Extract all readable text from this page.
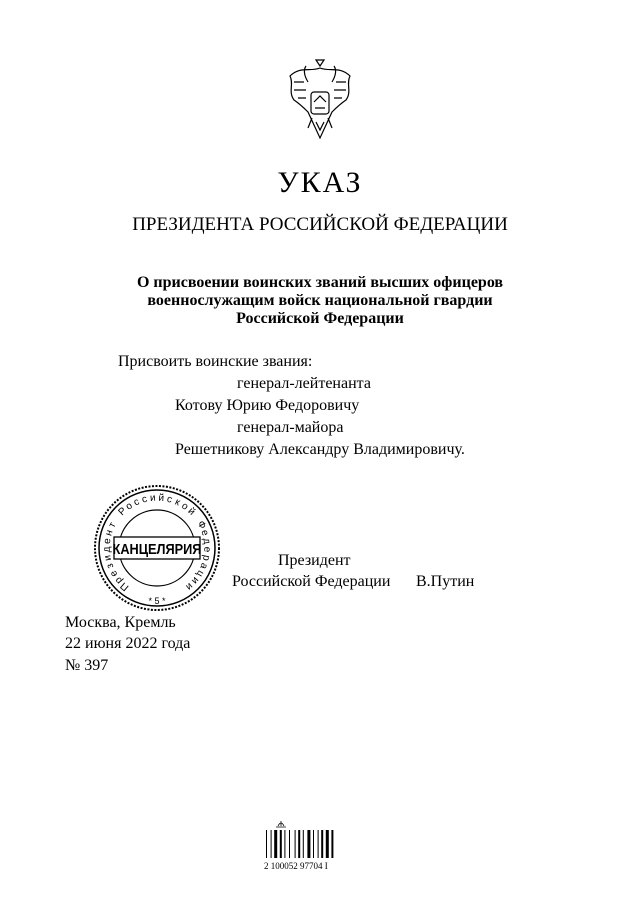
УКАЗ
ПРЕЗИДЕНТА РОССИЙСКОЙ ФЕДЕРАЦИИ
О присвоении воинских званий высших офицеров
военнослужащим войск национальной гвардии
Российской Федерации
Присвоить воинские звания:
генерал-лейтенанта
Котову Юрию Федоровичу
генерал-майора
Решетникову Александру Владимировичу.
Президент
Российской Федерации В.Путин
П
р
е
з
и
д
е
н
т
Р
о
с с и й с к
о
й
Ф
е
д
е
р
а
ц
и
и
КАНЦЕЛЯРИЯ
* 5 *
Москва, Кремль
22 июня 2022 года
№ 397
2 100052 97704 I
